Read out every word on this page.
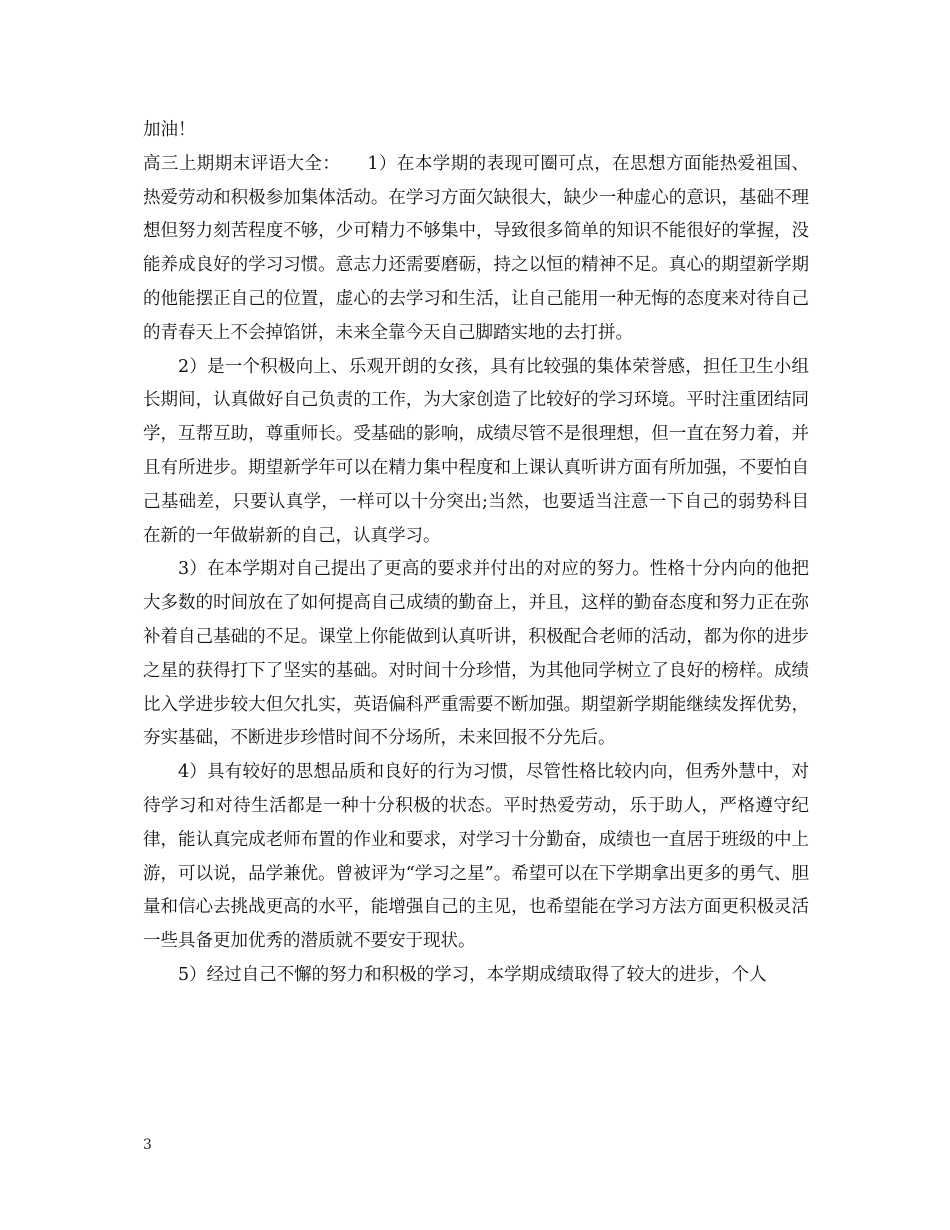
加油！

高三上期期末评语大全：　　1）在本学期的表现可圈可点，在思想方面能热爱祖国、热爱劳动和积极参加集体活动。在学习方面欠缺很大，缺少一种虚心的意识，基础不理想但努力刻苦程度不够，少可精力不够集中，导致很多简单的知识不能很好的掌握，没能养成良好的学习习惯。意志力还需要磨砺，持之以恒的精神不足。真心的期望新学期的他能摆正自己的位置，虚心的去学习和生活，让自己能用一种无悔的态度来对待自己的青春天上不会掉馅饼，未来全靠今天自己脚踏实地的去打拼。

2）是一个积极向上、乐观开朗的女孩，具有比较强的集体荣誉感，担任卫生小组长期间，认真做好自己负责的工作，为大家创造了比较好的学习环境。平时注重团结同学，互帮互助，尊重师长。受基础的影响，成绩尽管不是很理想，但一直在努力着，并且有所进步。期望新学年可以在精力集中程度和上课认真听讲方面有所加强，不要怕自己基础差，只要认真学，一样可以十分突出;当然，也要适当注意一下自己的弱势科目在新的一年做崭新的自己，认真学习。

3）在本学期对自己提出了更高的要求并付出的对应的努力。性格十分内向的他把大多数的时间放在了如何提高自己成绩的勤奋上，并且，这样的勤奋态度和努力正在弥补着自己基础的不足。课堂上你能做到认真听讲，积极配合老师的活动，都为你的进步之星的获得打下了坚实的基础。对时间十分珍惜，为其他同学树立了良好的榜样。成绩比入学进步较大但欠扎实，英语偏科严重需要不断加强。期望新学期能继续发挥优势，夯实基础，不断进步珍惜时间不分场所，未来回报不分先后。

4）具有较好的思想品质和良好的行为习惯，尽管性格比较内向，但秀外慧中，对待学习和对待生活都是一种十分积极的状态。平时热爱劳动，乐于助人，严格遵守纪律，能认真完成老师布置的作业和要求，对学习十分勤奋，成绩也一直居于班级的中上游，可以说，品学兼优。曾被评为“学习之星”。希望可以在下学期拿出更多的勇气、胆量和信心去挑战更高的水平，能增强自己的主见，也希望能在学习方法方面更积极灵活一些具备更加优秀的潜质就不要安于现状。

5）经过自己不懈的努力和积极的学习，本学期成绩取得了较大的进步，个人

3
